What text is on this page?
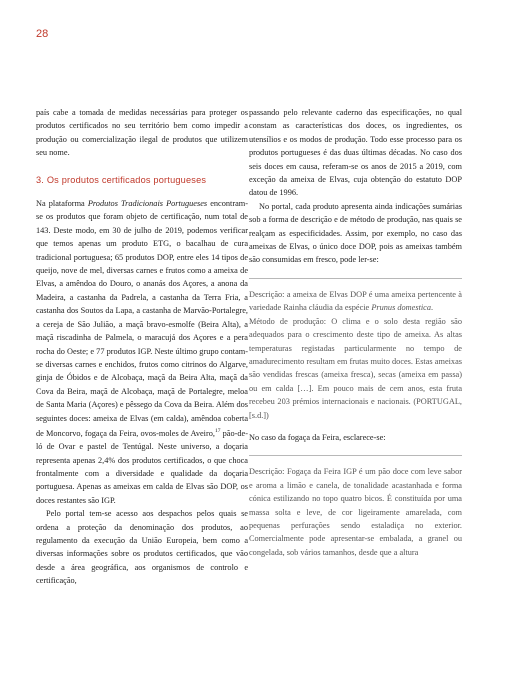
28

país cabe a tomada de medidas necessárias para proteger os produtos certificados no seu território bem como impedir a produção ou comercialização ilegal de produtos que utilizem seu nome.

3. Os produtos certificados portugueses

Na plataforma Produtos Tradicionais Portugueses encontram-se os produtos que foram objeto de certificação, num total de 143. Deste modo, em 30 de julho de 2019, podemos verificar que temos apenas um produto ETG, o bacalhau de cura tradicional portuguesa; 65 produtos DOP, entre eles 14 tipos de queijo, nove de mel, diversas carnes e frutos como a ameixa de Elvas, a amêndoa do Douro, o ananás dos Açores, a anona da Madeira, a castanha da Padrela, a castanha da Terra Fria, a castanha dos Soutos da Lapa, a castanha de Marvão-Portalegre, a cereja de São Julião, a maçã bravo-esmolfe (Beira Alta), a maçã riscadinha de Palmela, o maracujá dos Açores e a pera rocha do Oeste; e 77 produtos IGP. Neste último grupo contam-se diversas carnes e enchidos, frutos como citrinos do Algarve, ginja de Óbidos e de Alcobaça, maçã da Beira Alta, maçã da Cova da Beira, maçã de Alcobaça, maçã de Portalegre, meloa de Santa Maria (Açores) e pêssego da Cova da Beira. Além dos seguintes doces: ameixa de Elvas (em calda), amêndoa coberta de Moncorvo, fogaça da Feira, ovos-moles de Aveiro,$^{17}$ pão-de-ló de Ovar e pastel de Tentúgal. Neste universo, a doçaria representa apenas 2,4% dos produtos certificados, o que choca frontalmente com a diversidade e qualidade da doçaria portuguesa. Apenas as ameixas em calda de Elvas são DOP, os doces restantes são IGP.

Pelo portal tem-se acesso aos despachos pelos quais se ordena a proteção da denominação dos produtos, ao regulamento da execução da União Europeia, bem como a diversas informações sobre os produtos certificados, que vão desde a área geográfica, aos organismos de controlo e certificação,

passando pelo relevante caderno das especificações, no qual constam as características dos doces, os ingredientes, os utensílios e os modos de produção. Todo esse processo para os produtos portugueses é das duas últimas décadas. No caso dos seis doces em causa, referam-se os anos de 2015 a 2019, com exceção da ameixa de Elvas, cuja obtenção do estatuto DOP datou de 1996.

No portal, cada produto apresenta ainda indicações sumárias sob a forma de descrição e de método de produção, nas quais se realçam as especificidades. Assim, por exemplo, no caso das ameixas de Elvas, o único doce DOP, pois as ameixas também são consumidas em fresco, pode ler-se:

Descrição: a ameixa de Elvas DOP é uma ameixa pertencente à variedade Rainha cláudia da espécie Prunus domestica.

Método de produção: O clima e o solo desta região são adequados para o crescimento deste tipo de ameixa. As altas temperaturas registadas particularmente no tempo de amadurecimento resultam em frutas muito doces. Estas ameixas são vendidas frescas (ameixa fresca), secas (ameixa em passa) ou em calda […]. Em pouco mais de cem anos, esta fruta recebeu 203 prémios internacionais e nacionais. (PORTUGAL, [s.d.])

No caso da fogaça da Feira, esclarece-se:

Descrição: Fogaça da Feira IGP é um pão doce com leve sabor e aroma a limão e canela, de tonalidade acastanhada e forma cónica estilizando no topo quatro bicos. É constituída por uma massa solta e leve, de cor ligeiramente amarelada, com pequenas perfurações sendo estaladiça no exterior. Comercialmente pode apresentar-se embalada, a granel ou congelada, sob vários tamanhos, desde que a altura
